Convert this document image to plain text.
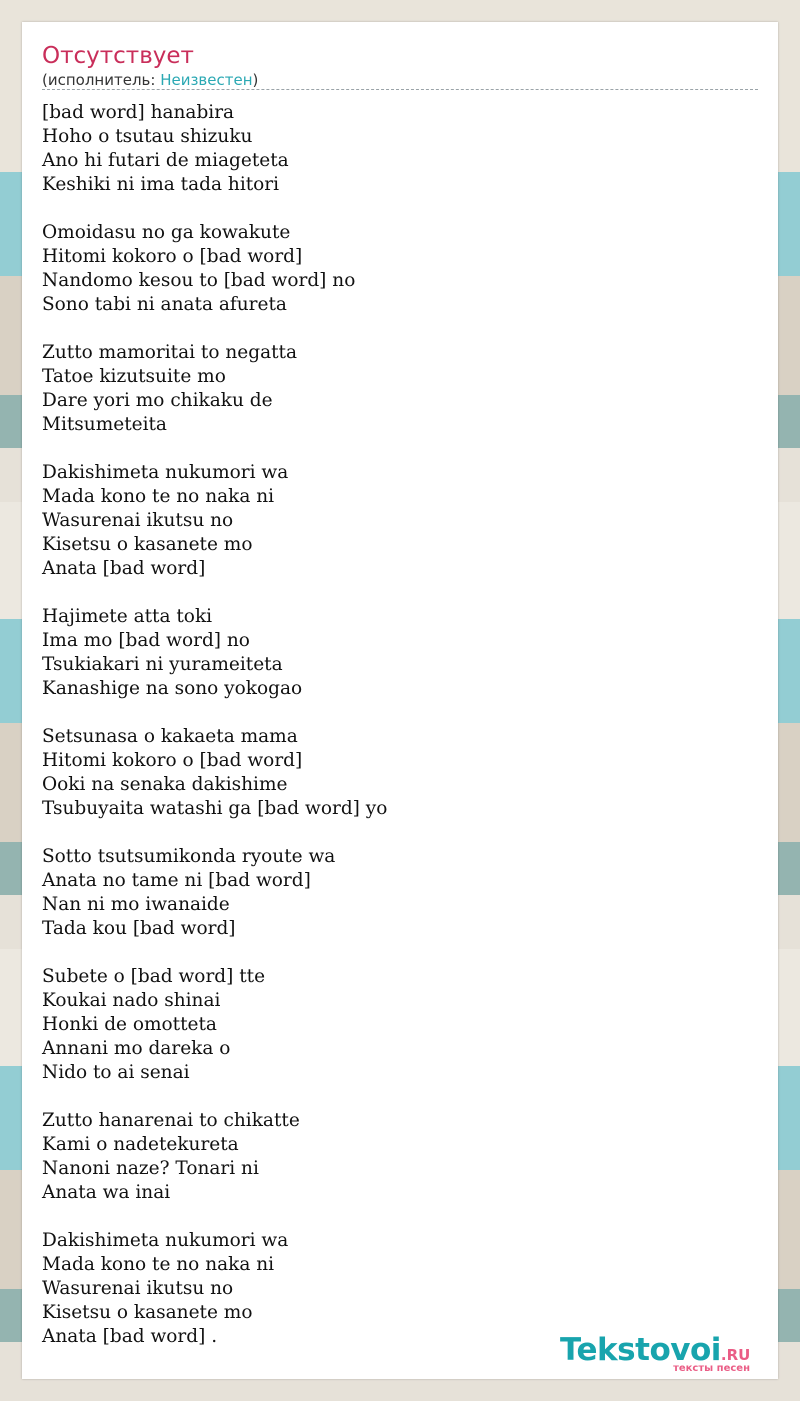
Отсутствует
(исполнитель: Неизвестен)
[bad word] hanabira
Hoho o tsutau shizuku
Ano hi futari de miageteta
Keshiki ni ima tada hitori

Omoidasu no ga kowakute
Hitomi kokoro o [bad word]
Nandomo kesou to [bad word] no
Sono tabi ni anata afureta

Zutto mamoritai to negatta
Tatoe kizutsuite mo
Dare yori mo chikaku de
Mitsumeteita

Dakishimeta nukumori wa
Mada kono te no naka ni
Wasurenai ikutsu no
Kisetsu o kasanete mo
Anata [bad word]

Hajimete atta toki
Ima mo [bad word] no
Tsukiakari ni yurameiteta
Kanashige na sono yokogao

Setsunasa o kakaeta mama
Hitomi kokoro o [bad word]
Ooki na senaka dakishime
Tsubuyaita watashi ga [bad word] yo

Sotto tsutsumikonda ryoute wa
Anata no tame ni [bad word]
Nan ni mo iwanaide
Tada kou [bad word]

Subete o [bad word] tte
Koukai nado shinai
Honki de omotteta
Annani mo dareka o
Nido to ai senai

Zutto hanarenai to chikatte
Kami o nadetekureta
Nanoni naze? Tonari ni
Anata wa inai

Dakishimeta nukumori wa
Mada kono te no naka ni
Wasurenai ikutsu no
Kisetsu o kasanete mo
Anata [bad word] .	Tekstovoi.RU
тексты песен
